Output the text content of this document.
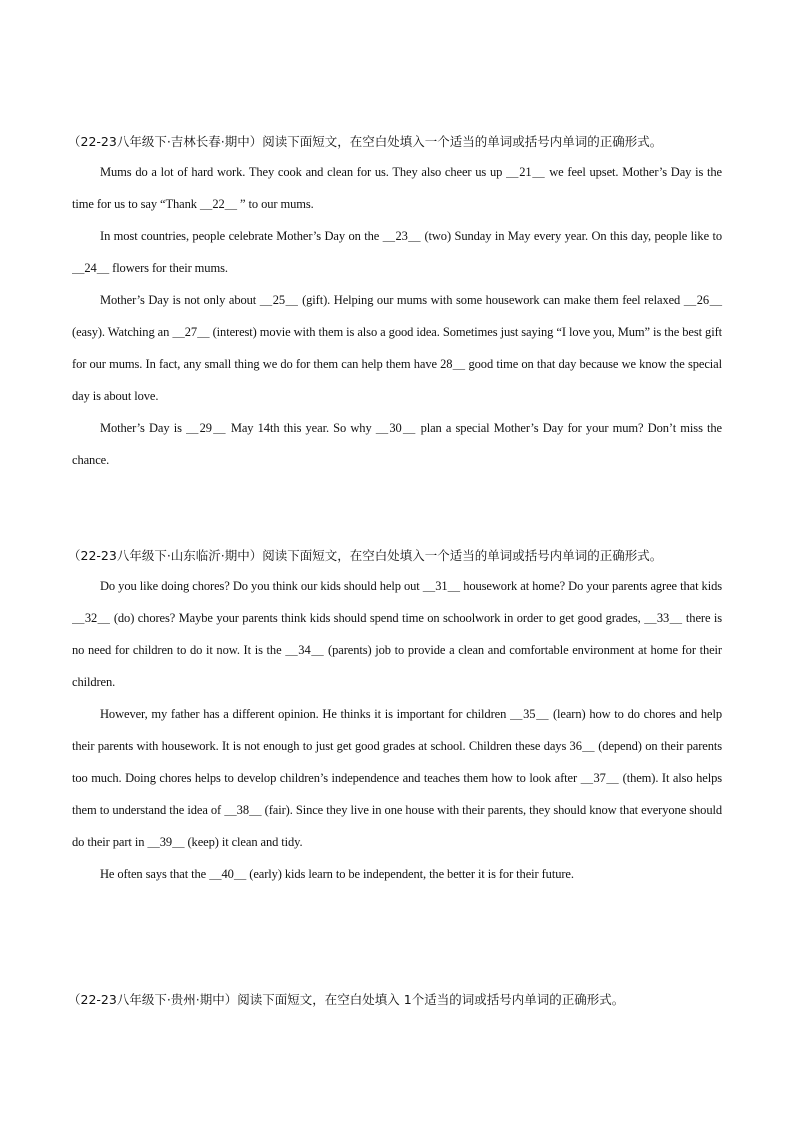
（22-23八年级下·吉林长春·期中）阅读下面短文，在空白处填入一个适当的单词或括号内单词的正确形式。

Mums do a lot of hard work. They cook and clean for us. They also cheer us up ＿21＿ we feel upset. Mother’s Day is the time for us to say “Thank ＿22＿ ” to our mums.

In most countries, people celebrate Mother’s Day on the ＿23＿ (two) Sunday in May every year. On this day, people like to ＿24＿ flowers for their mums.

Mother’s Day is not only about ＿25＿ (gift). Helping our mums with some housework can make them feel relaxed ＿26＿ (easy). Watching an ＿27＿ (interest) movie with them is also a good idea. Sometimes just saying “I love you, Mum” is the best gift for our mums. In fact, any small thing we do for them can help them have 28＿ good time on that day because we know the special day is about love.

Mother’s Day is ＿29＿ May 14th this year. So why ＿30＿ plan a special Mother’s Day for your mum? Don’t miss the chance.

（22-23八年级下·山东临沂·期中）阅读下面短文，在空白处填入一个适当的单词或括号内单词的正确形式。

Do you like doing chores? Do you think our kids should help out ＿31＿ housework at home? Do your parents agree that kids ＿32＿ (do) chores? Maybe your parents think kids should spend time on schoolwork in order to get good grades, ＿33＿ there is no need for children to do it now. It is the ＿34＿ (parents) job to provide a clean and comfortable environment at home for their children.

However, my father has a different opinion. He thinks it is important for children ＿35＿ (learn) how to do chores and help their parents with housework. It is not enough to just get good grades at school. Children these days 36＿ (depend) on their parents too much. Doing chores helps to develop children’s independence and teaches them how to look after ＿37＿ (them). It also helps them to understand the idea of ＿38＿ (fair). Since they live in one house with their parents, they should know that everyone should do their part in ＿39＿ (keep) it clean and tidy.

He often says that the ＿40＿ (early) kids learn to be independent, the better it is for their future.

（22-23八年级下·贵州·期中）阅读下面短文，在空白处填入 1个适当的词或括号内单词的正确形式。
